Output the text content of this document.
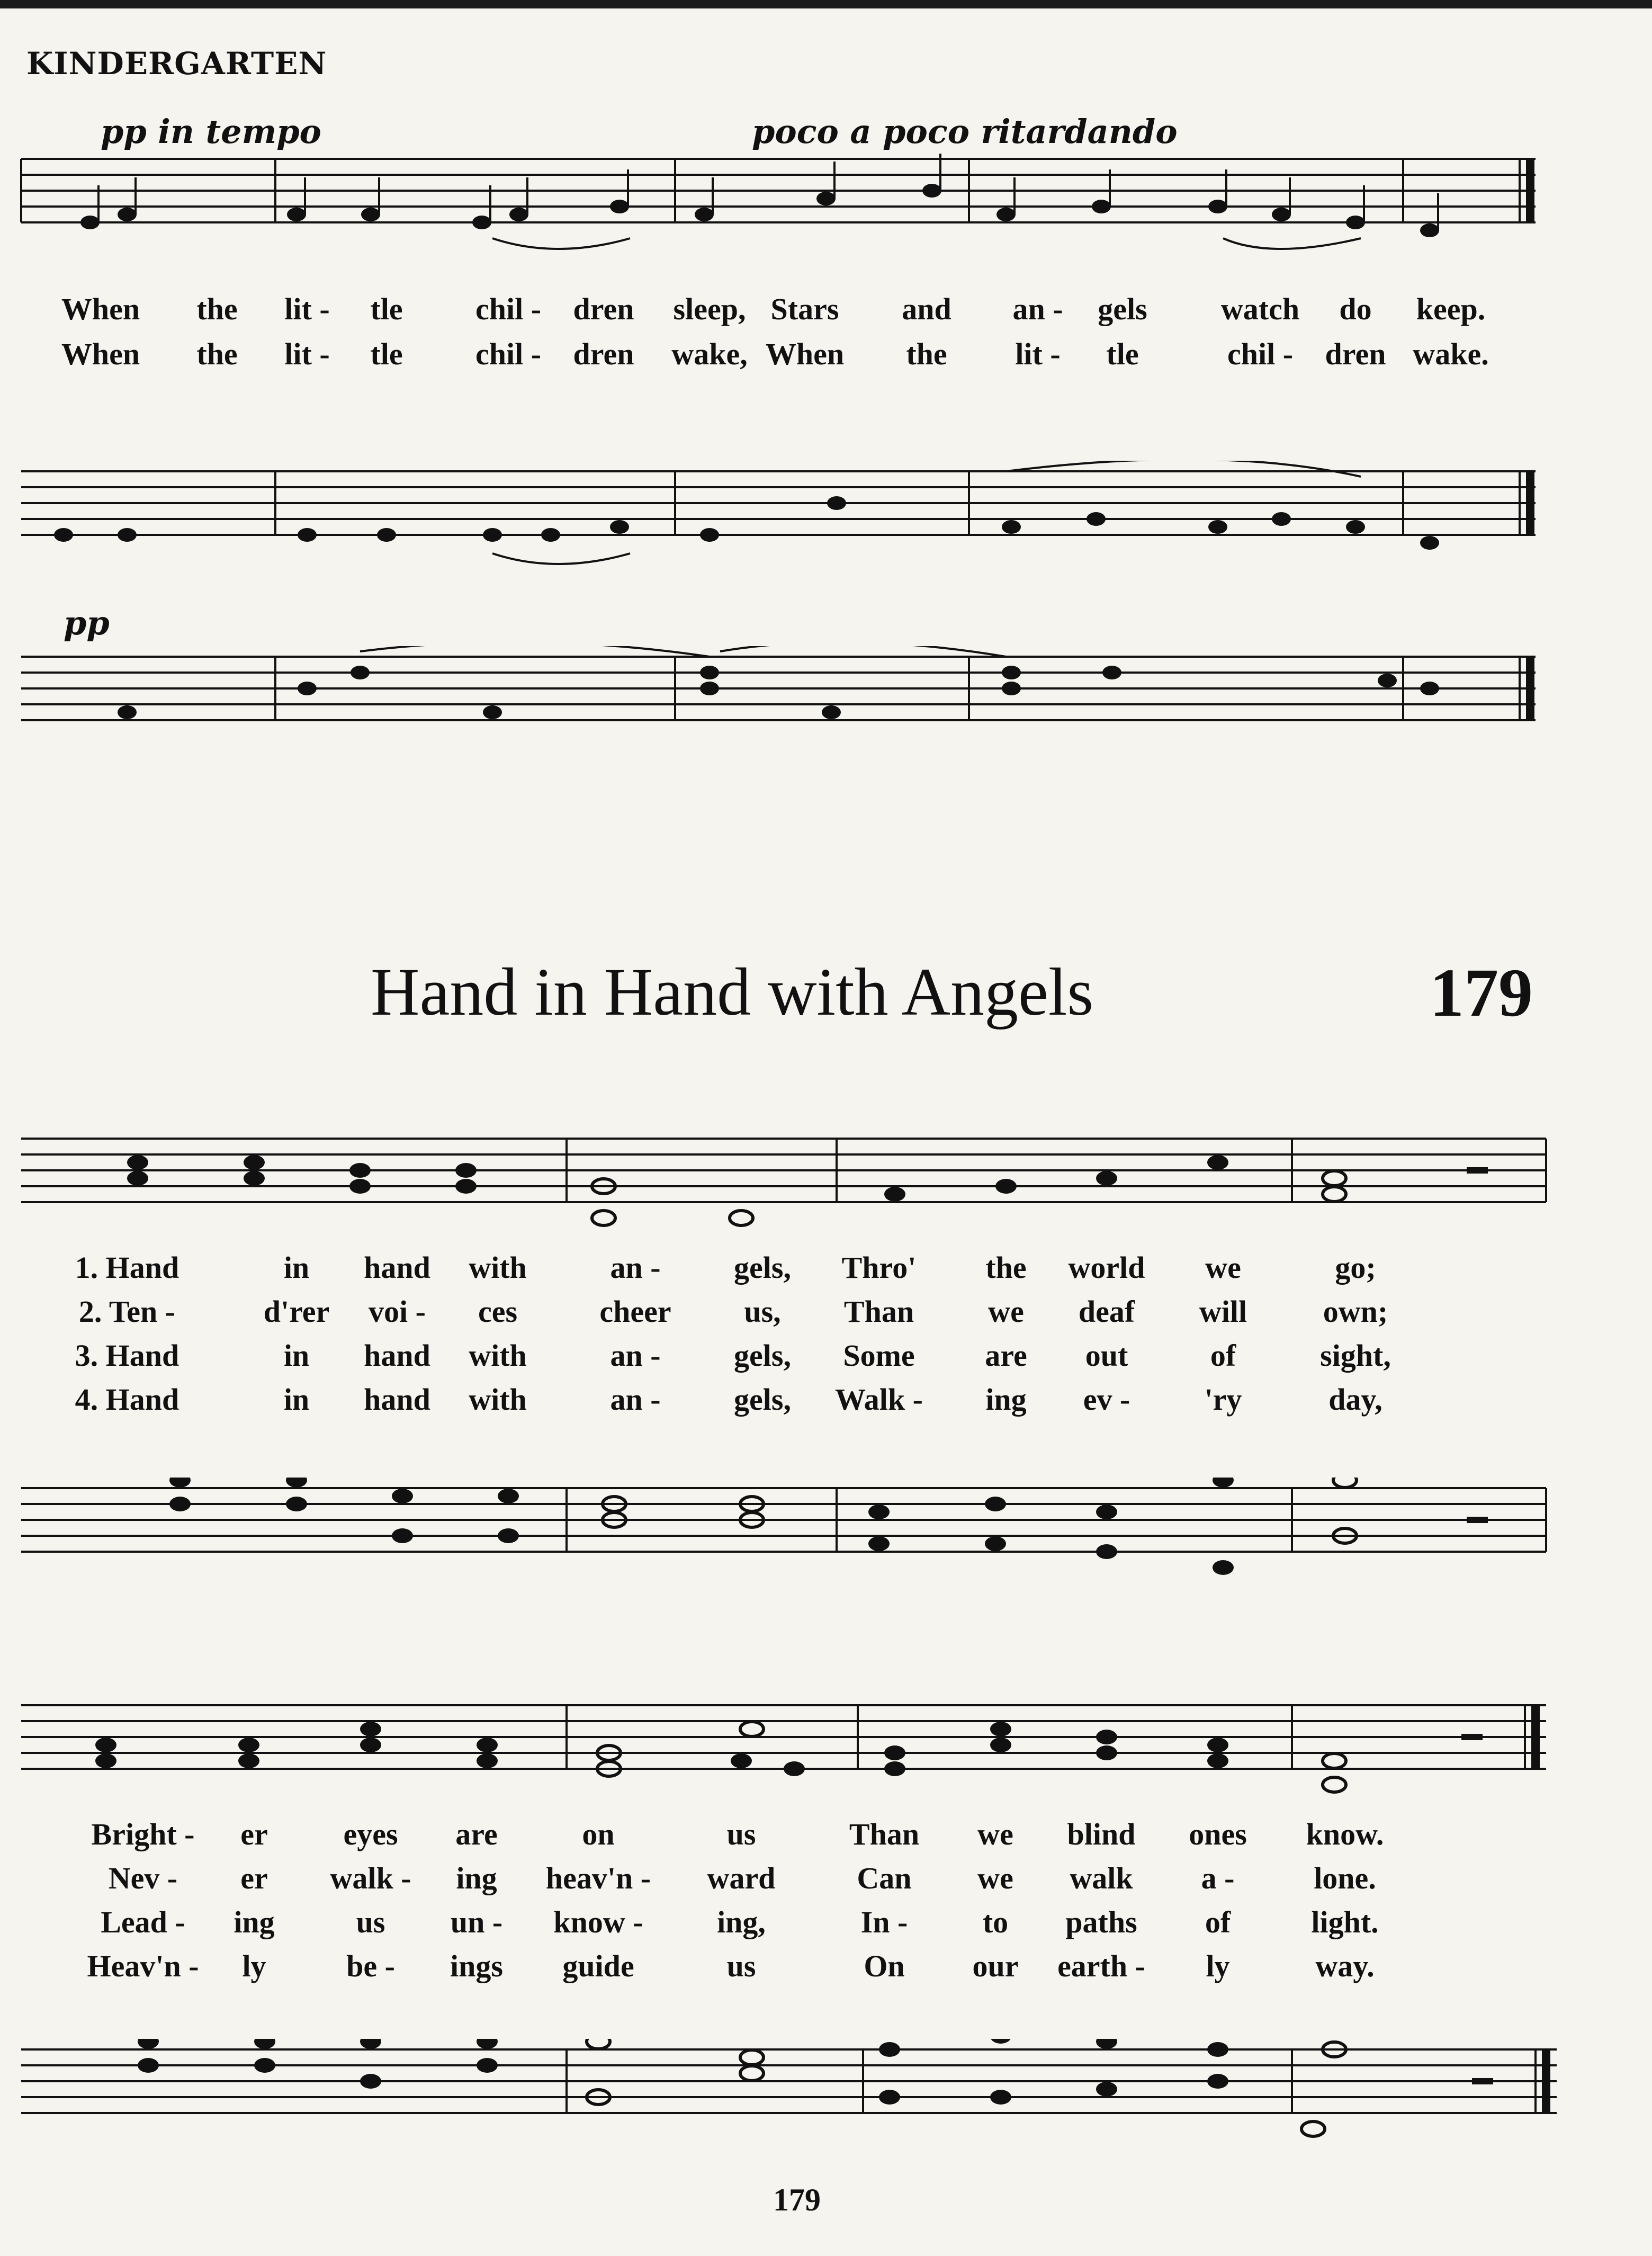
KINDERGARTEN
pp in tempo	poco a poco ritardando
pp
When the lit - tle chil - dren sleep, Stars and an - gels watch do keep.
When the lit - tle chil - dren wake, When the lit - tle	chil - dren wake.
Hand in Hand with Angels	179
1. Hand	in hand with	an - gels, Thro' the world we	go;
2. Ten -	d'rer voi - ces	cheer us, Than we deaf will own;
3. Hand	in hand with	an - gels, Some are out	of	sight,
4. Hand	in hand with	an - gels, Walk - ing ev - 'ry	day,
Bright - er eyes are	on	us	Than we blind ones know.
Nev - er walk - ing heav'n - ward	Can we walk a -	lone.
Lead - ing	us un - know - ing,	In - to paths of	light.
Heav'n - ly	be - ings guide	us	On our earth - ly	way.
179
